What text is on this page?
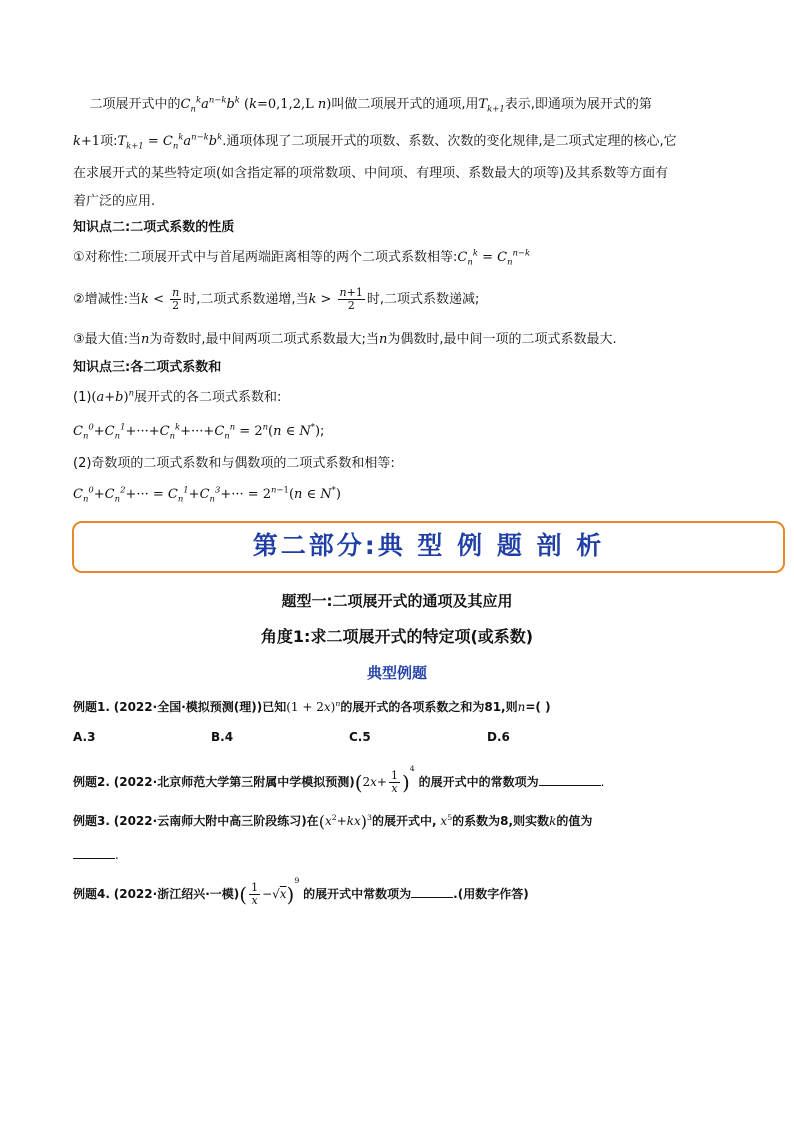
二项展开式中的$C_n^ka^{n-k}b^k$ (k=0,1,2,L n)叫做二项展开式的通项,用$T_{k+1}$表示,即通项为展开式的第
k+1项$:T_{k+1} = C_n^ka^{n-k}b^k$.通项体现了二项展开式的项数、系数、次数的变化规律,是二项式定理的核心,它
在求展开式的某些特定项(如含指定幂的项常数项、中间项、有理项、系数最大的项等)及其系数等方面有
着广泛的应用.
知识点二:二项式系数的性质
①对称性:二项展开式中与首尾两端距离相等的两个二项式系数相等$:C_n^k = C_n^{n-k}$
②增减性:当$k < \frac{n}{2}$ 时,二项式系数递增,当$k > \frac{n+1}{2}$ 时,二项式系数递减;
③最大值:当n为奇数时,最中间两项二项式系数最大;当n为偶数时,最中间一项的二项式系数最大.
知识点三:各二项式系数和
$(1)(a+b)^n$展开式的各二项式系数和:
$C_n^0+C_n^1+\cdot\cdot\cdot+C_n^k+\cdot\cdot\cdot+C_n^n = 2^n(n$ ∈ N*);
(2)奇数项的二项式系数和与偶数项的二项式系数和相等:
$C_n^0+C_n^2+\cdot\cdot\cdot = C_n^1+C_n^3+\cdot\cdot\cdot = 2^{n-1}(n$ ∈ N*)
第二部分:典 型 例 题 剖 析
题型一:二项展开式的通项及其应用
角度1:求二项展开式的特定项(或系数)
典型例题
例题1. (2022·全国·模拟预测(理))已知$(1 + 2x)^n$的展开式的各项系数之和为81,则n=( )
A.3	B.4	C.5	D.6
例题2. (2022·北京师范大学第三附属中学模拟预测)$(2x+ \frac{1}{x} )^4$ 的展开式中的常数项为	.
例题3. (2022·云南师大附中高三阶段练习)在$(x^2+kx)^3$的展开式中, $x^5$的系数为8,则实数k的值为
.
例题4. (2022·浙江绍兴·一模)( $\frac{1}{x} -√x)^9$ 的展开式中常数项为	.(用数字作答)
